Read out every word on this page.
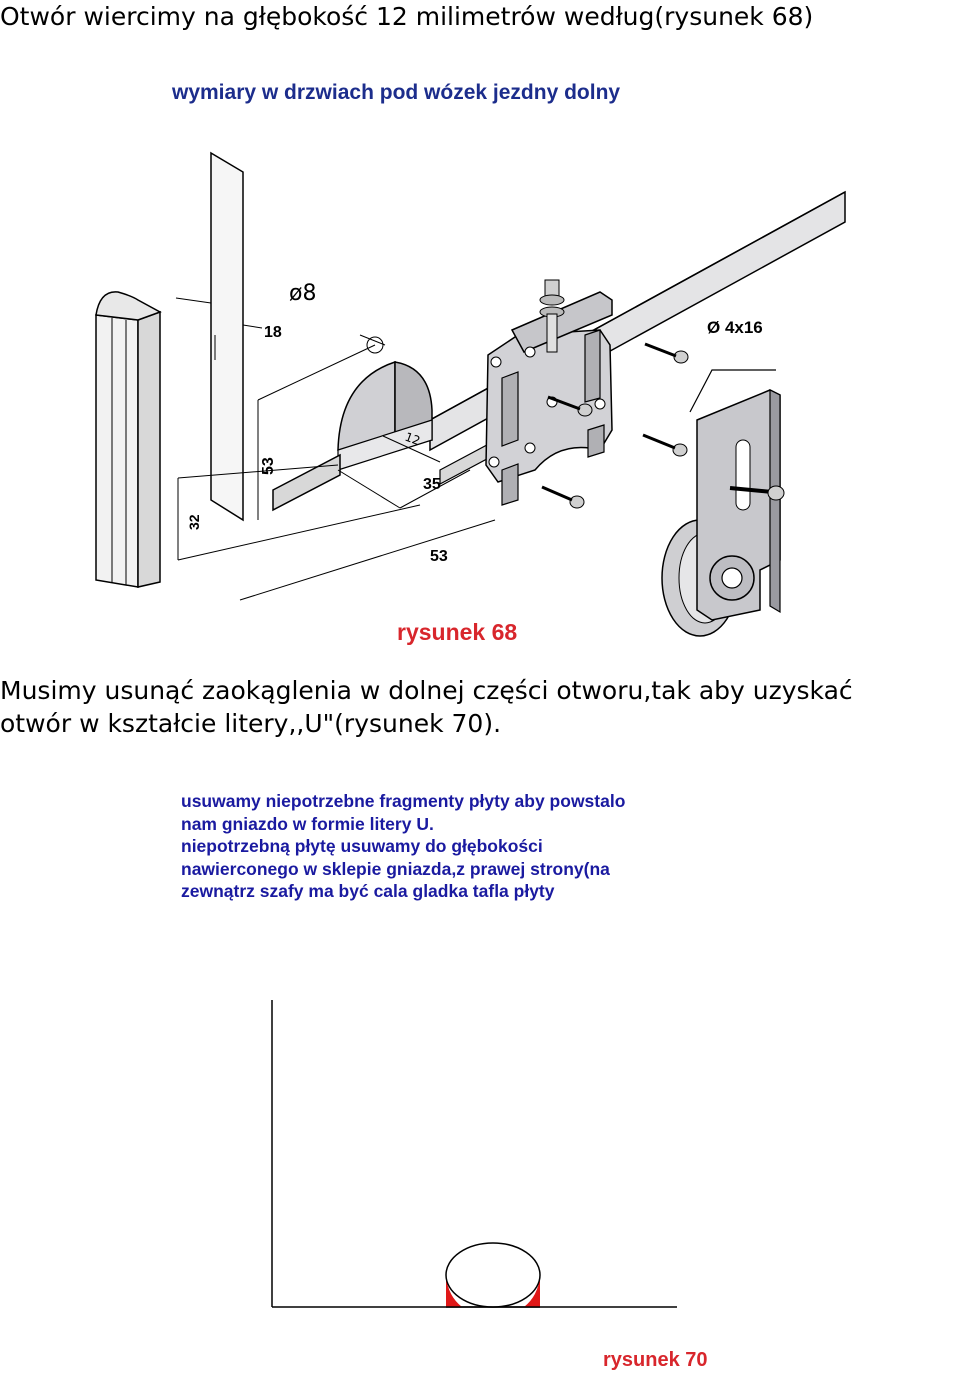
Otwór wiercimy na głębokość 12 milimetrów według(rysunek 68)
wymiary w drzwiach pod wózek jezdny dolny
ø8
Ø 4x16
18
53
32
12
35
53
rysunek 68
Musimy usunąć zaokąglenia w dolnej części otworu,tak aby uzyskać
otwór w kształcie litery,,U"(rysunek 70).
usuwamy niepotrzebne fragmenty płyty aby powstalo
nam gniazdo w formie litery U.
niepotrzebną płytę usuwamy do głębokości
nawierconego w sklepie gniazda,z prawej strony(na
zewnątrz szafy ma być cala gladka tafla płyty
rysunek 70
